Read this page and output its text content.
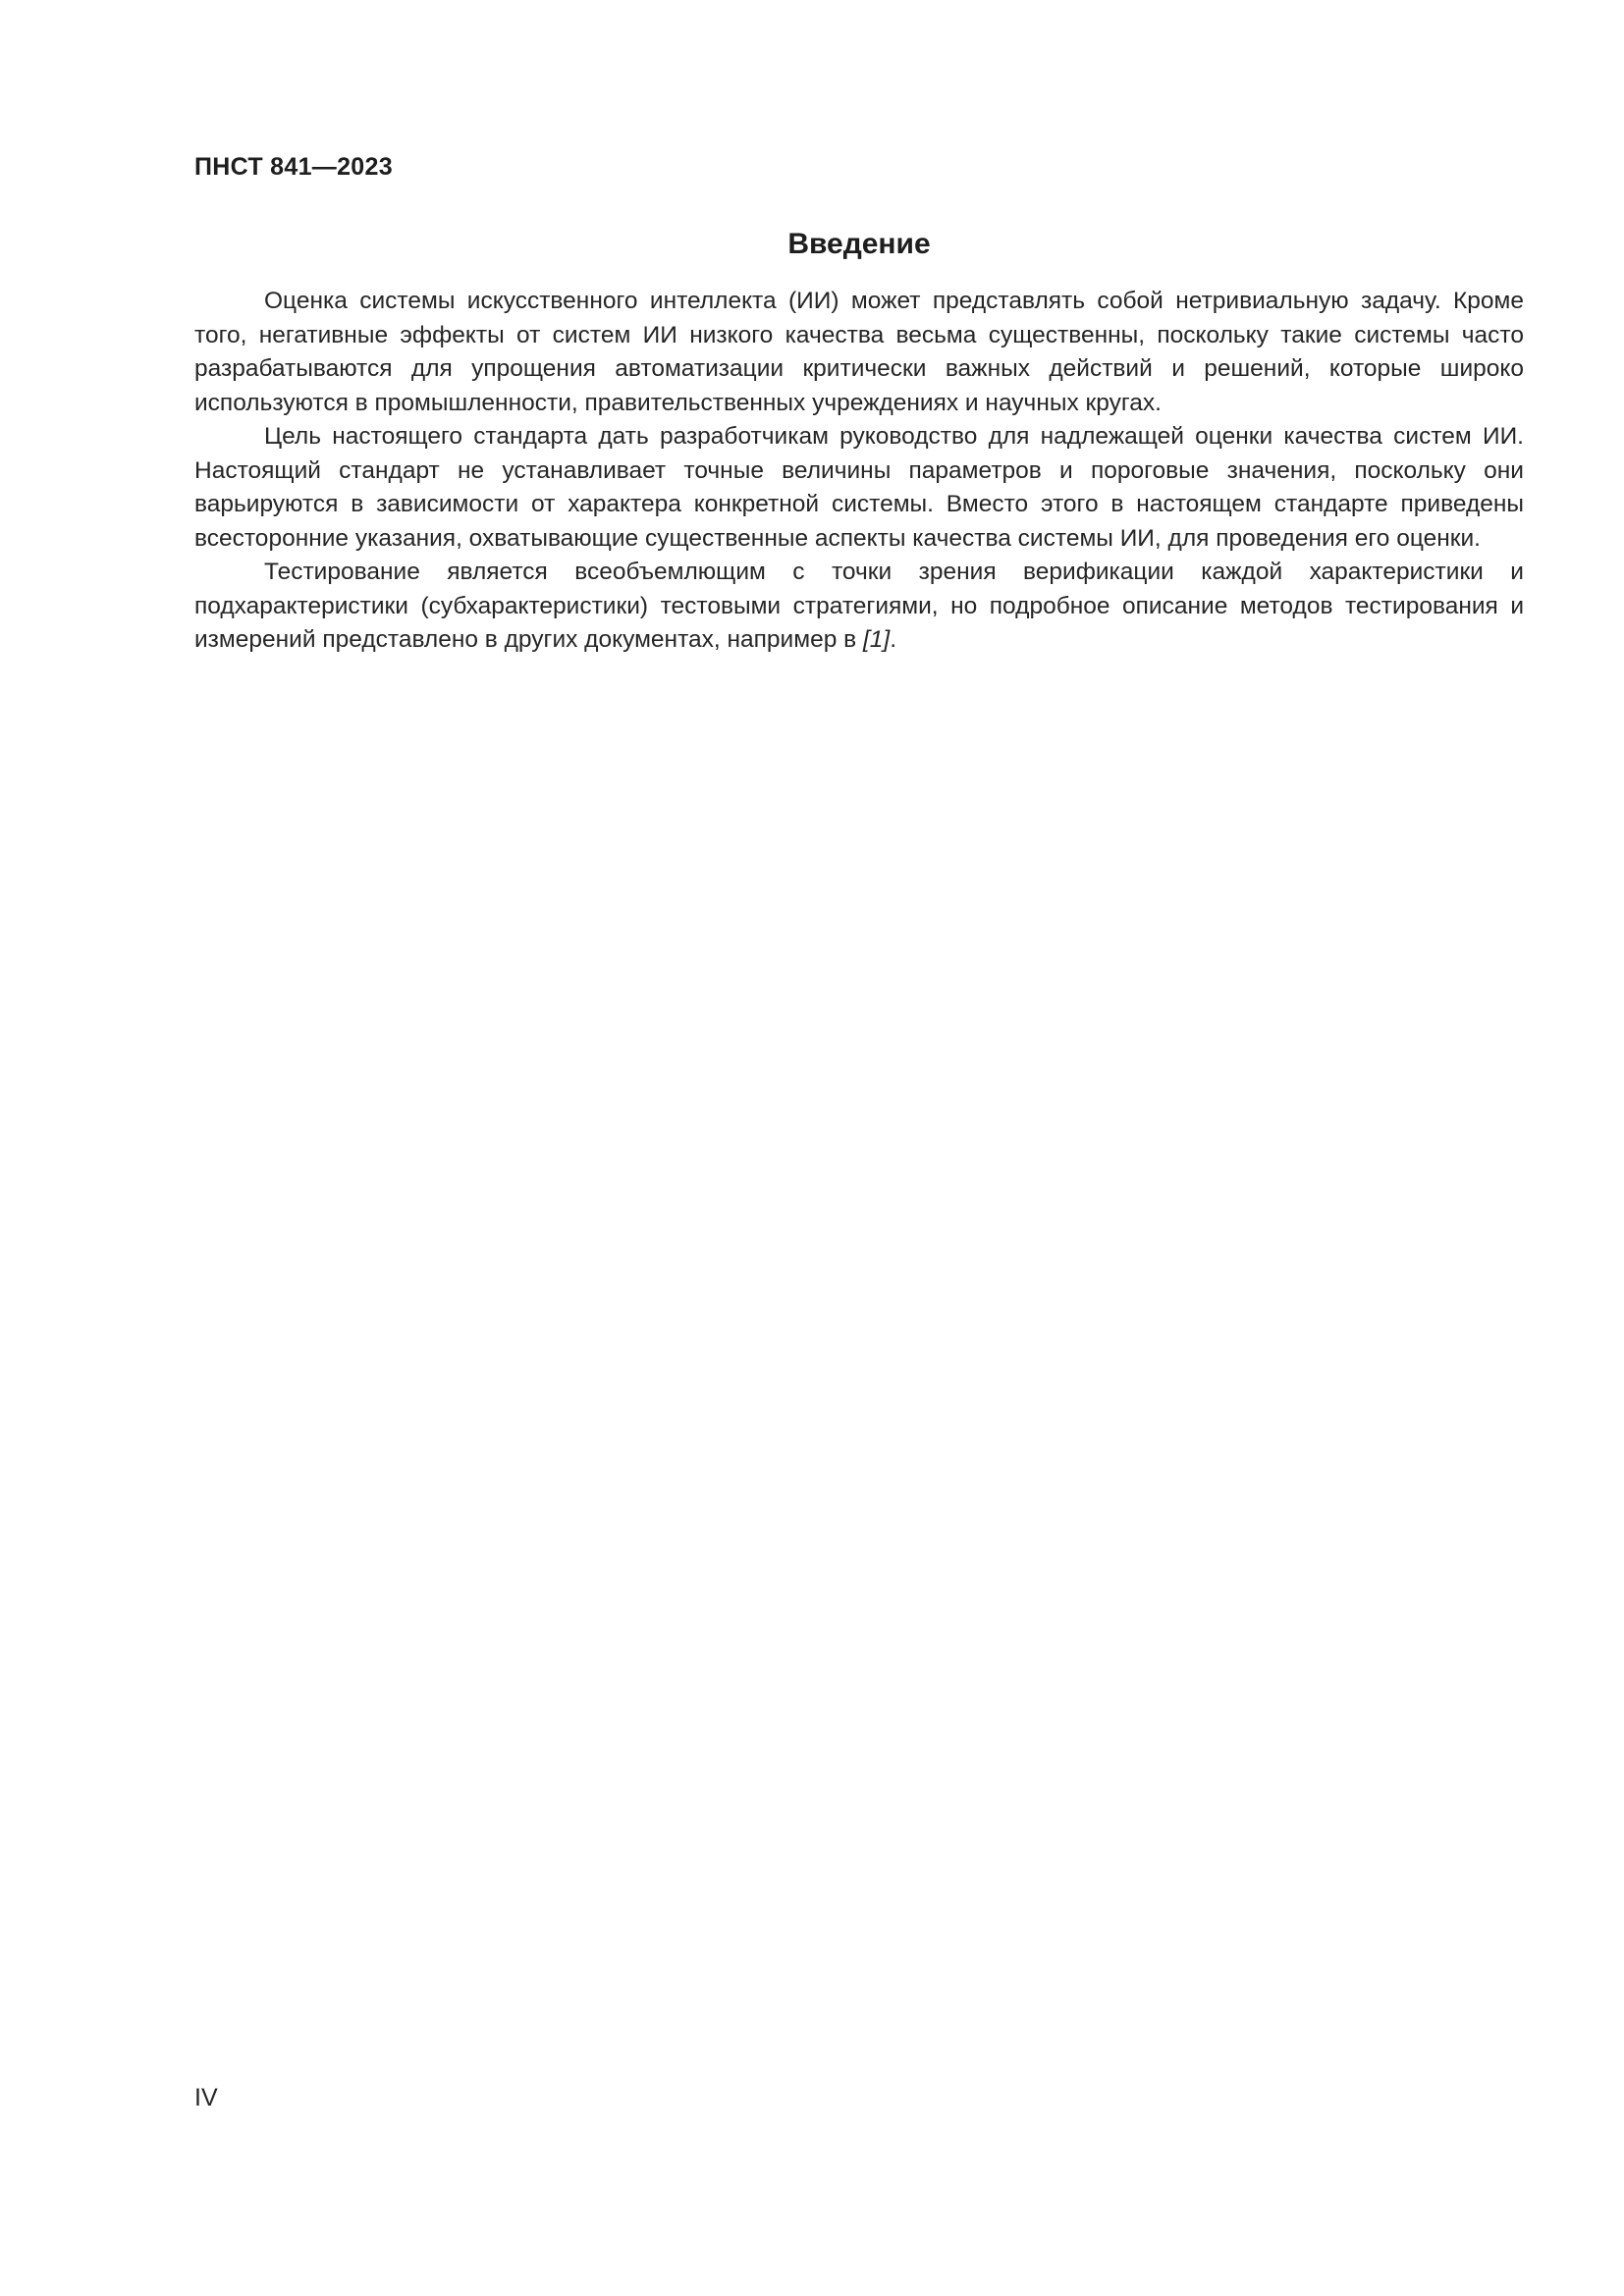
ПНСТ 841—2023
Введение

Оценка системы искусственного интеллекта (ИИ) может представлять собой нетривиальную задачу. Кроме того, негативные эффекты от систем ИИ низкого качества весьма существенны, поскольку такие системы часто разрабатываются для упрощения автоматизации критически важных действий и решений, которые широко используются в промышленности, правительственных учреждениях и научных кругах.

Цель настоящего стандарта дать разработчикам руководство для надлежащей оценки качества систем ИИ. Настоящий стандарт не устанавливает точные величины параметров и пороговые значения, поскольку они варьируются в зависимости от характера конкретной системы. Вместо этого в настоящем стандарте приведены всесторонние указания, охватывающие существенные аспекты качества системы ИИ, для проведения его оценки.

Тестирование является всеобъемлющим с точки зрения верификации каждой характеристики и подхарактеристики (субхарактеристики) тестовыми стратегиями, но подробное описание методов тестирования и измерений представлено в других документах, например в [1].

IV
